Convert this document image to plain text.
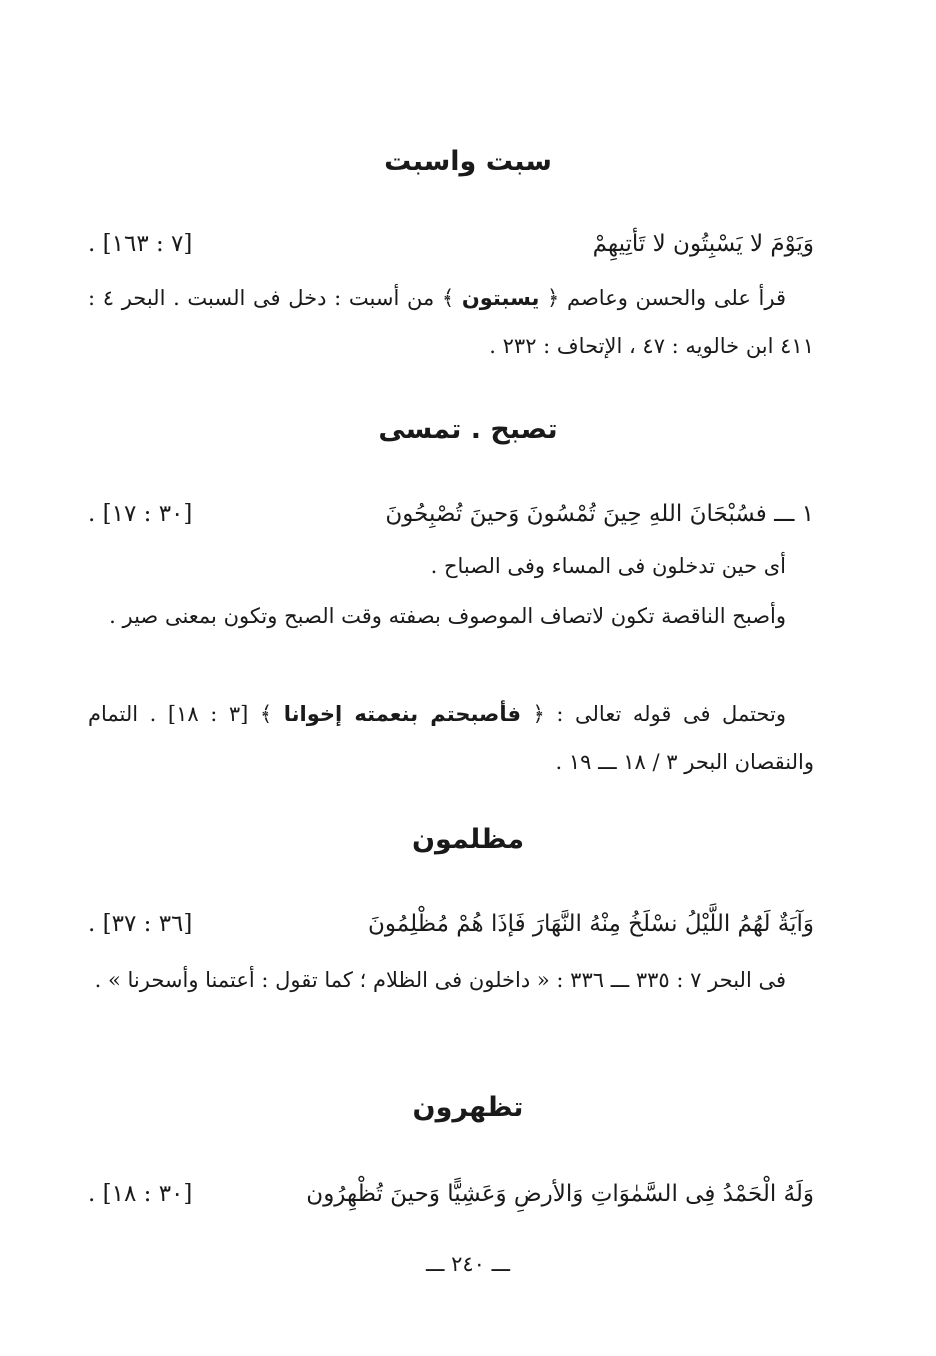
سبت واسبت
وَيَوْمَ لا يَسْبِتُون لا تَأتِيهِمْ
[٧ : ١٦٣] .
قرأ على والحسن وعاصم ﴿ يسبتون ﴾ من أسبت : دخل فى السبت . البحر ٤ : ٤١١ ابن خالويه : ٤٧ ، الإتحاف : ٢٣٢ .
تصبح . تمسى
١ ـــ فسُبْحَانَ اللهِ حِينَ تُمْسُونَ وَحينَ تُصْبِحُونَ
[٣٠ : ١٧] .
أى حين تدخلون فى المساء وفى الصباح .
وأصبح الناقصة تكون لاتصاف الموصوف بصفته وقت الصبح وتكون بمعنى صير .
وتحتمل فى قوله تعالى : ﴿ فأصبحتم بنعمته إخوانا ﴾ [٣ : ١٨] . التمام والنقصان البحر ٣ / ١٨ ـــ ١٩ .
مظلمون
وَآيَةٌ لَهُمُ اللَّيْلُ نسْلَخُ مِنْهُ النَّهَارَ فَإذَا هُمْ مُظْلِمُونَ
[٣٦ : ٣٧] .
فى البحر ٧ : ٣٣٥ ـــ ٣٣٦ : « داخلون فى الظلام ؛ كما تقول : أعتمنا وأسحرنا » .
تظهرون
وَلَهُ الْحَمْدُ فِى السَّمٰوَاتِ وَالأرضِ وَعَشِيًّا وَحينَ تُظْهِرُون
[٣٠ : ١٨] .
ـــ ٢٤٠ ـــ
